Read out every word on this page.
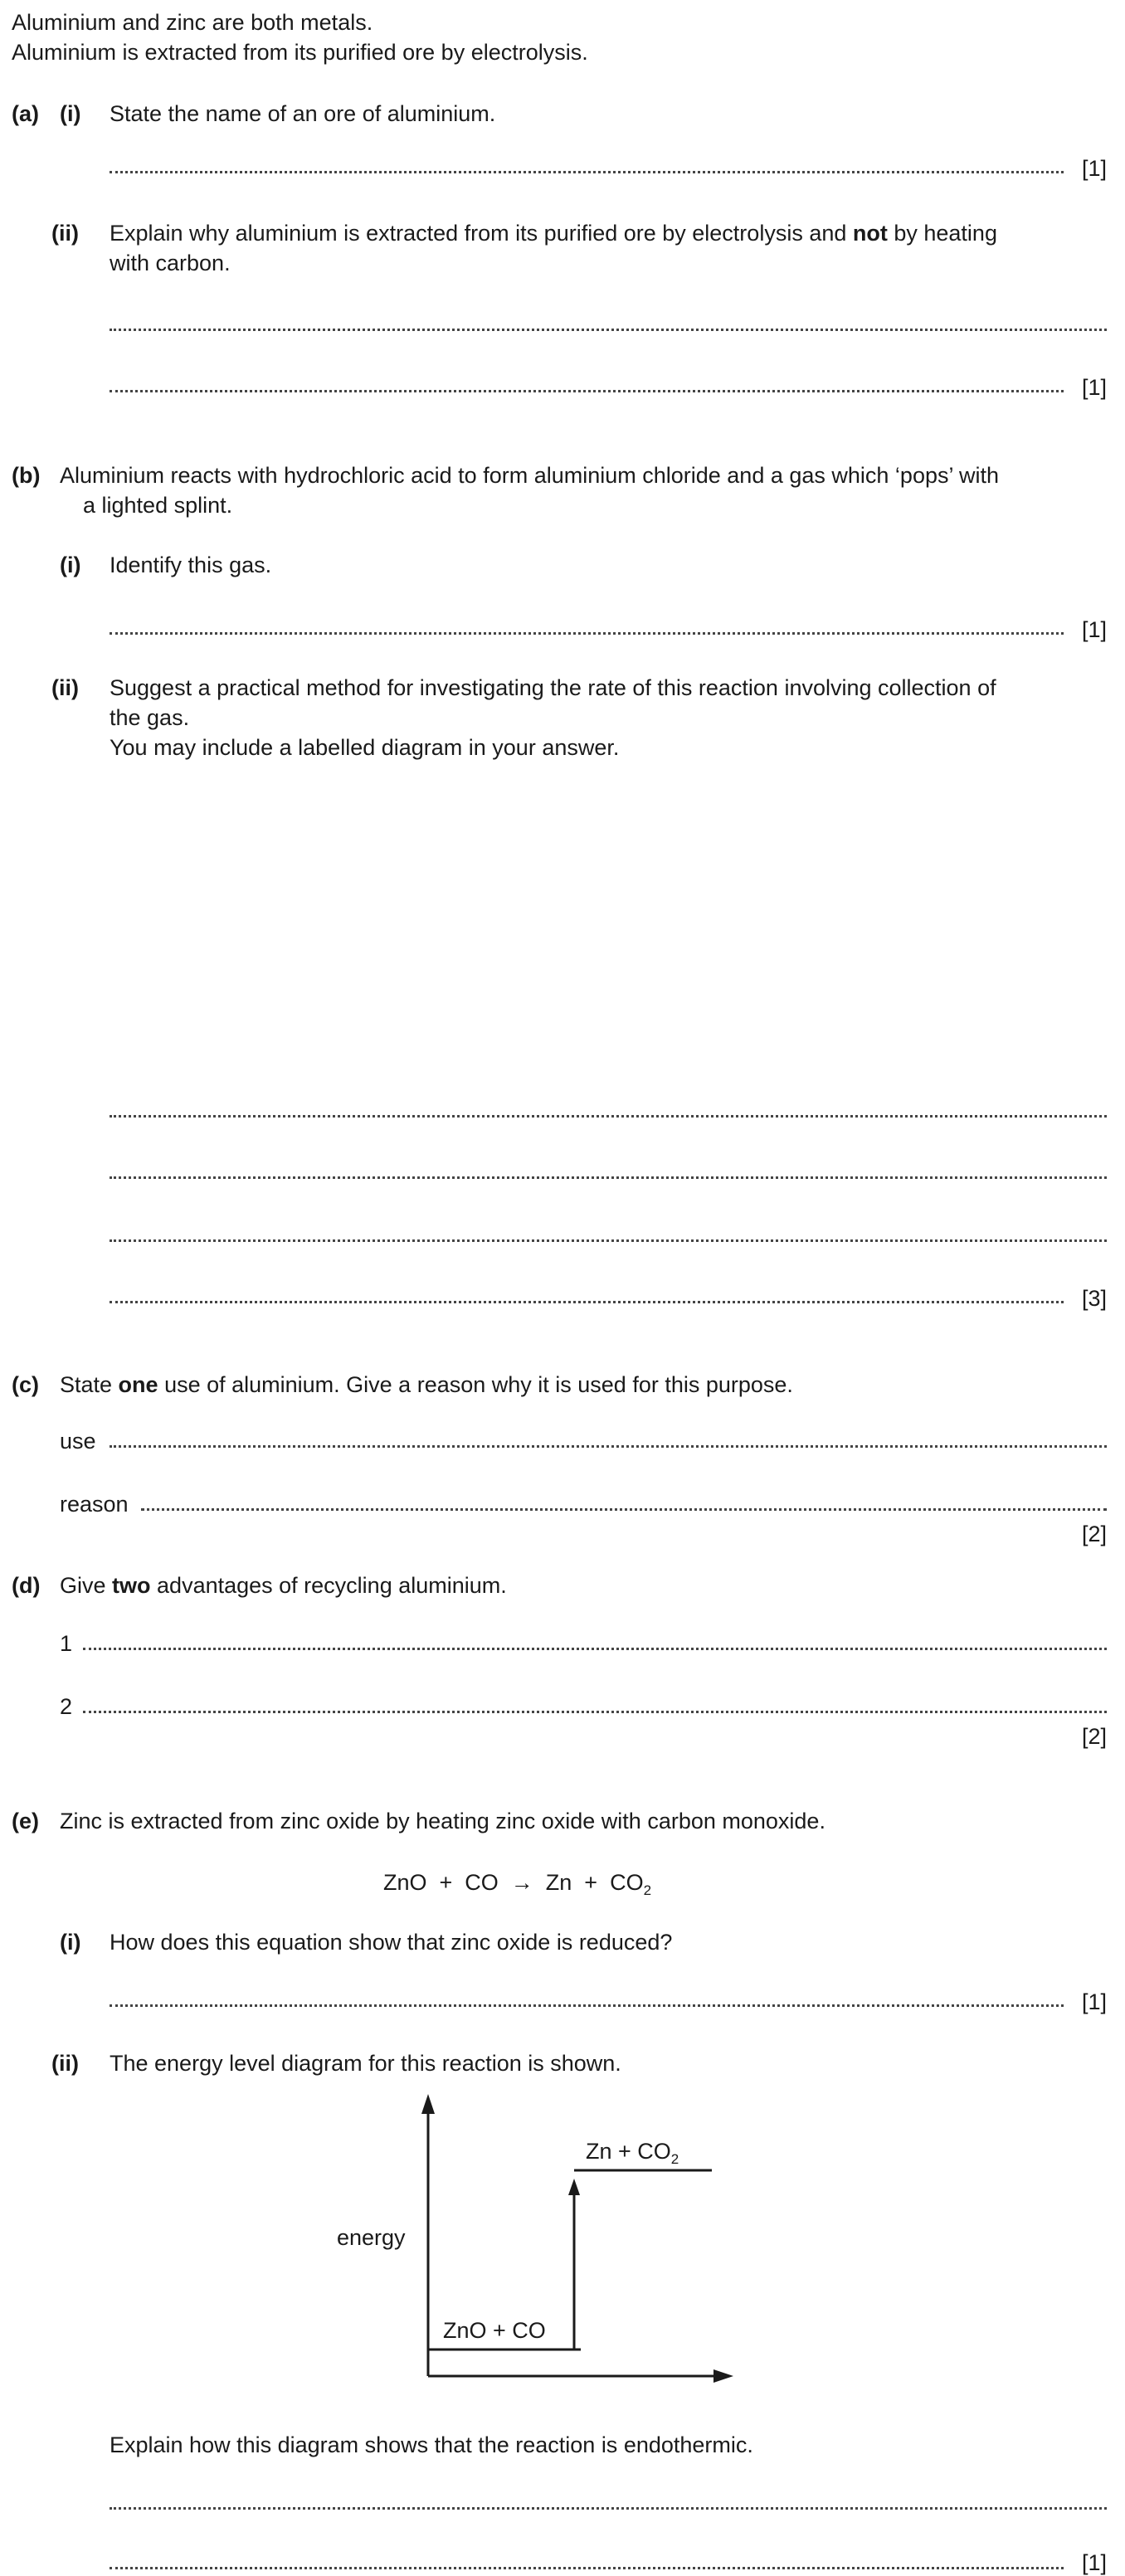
Aluminium and zinc are both metals.
Aluminium is extracted from its purified ore by electrolysis.
(a) (i) State the name of an ore of aluminium.
[1]
(ii) Explain why aluminium is extracted from its purified ore by electrolysis and not by heating
with carbon.
[1]
(b) Aluminium reacts with hydrochloric acid to form aluminium chloride and a gas which ‘pops’ with
a lighted splint.
(i) Identify this gas.
[1]
(ii) Suggest a practical method for investigating the rate of this reaction involving collection of
the gas.
You may include a labelled diagram in your answer.
[3]
(c) State one use of aluminium. Give a reason why it is used for this purpose.
use
reason
[2]
(d) Give two advantages of recycling aluminium.
1
2
[2]
(e) Zinc is extracted from zinc oxide by heating zinc oxide with carbon monoxide.
ZnO  +  CO  →  $Zn + CO_2$
(i) How does this equation show that zinc oxide is reduced?
[1]
(ii) The energy level diagram for this reaction is shown.
energy
ZnO + CO
$Zn + CO_2$
Explain how this diagram shows that the reaction is endothermic.
[1]
